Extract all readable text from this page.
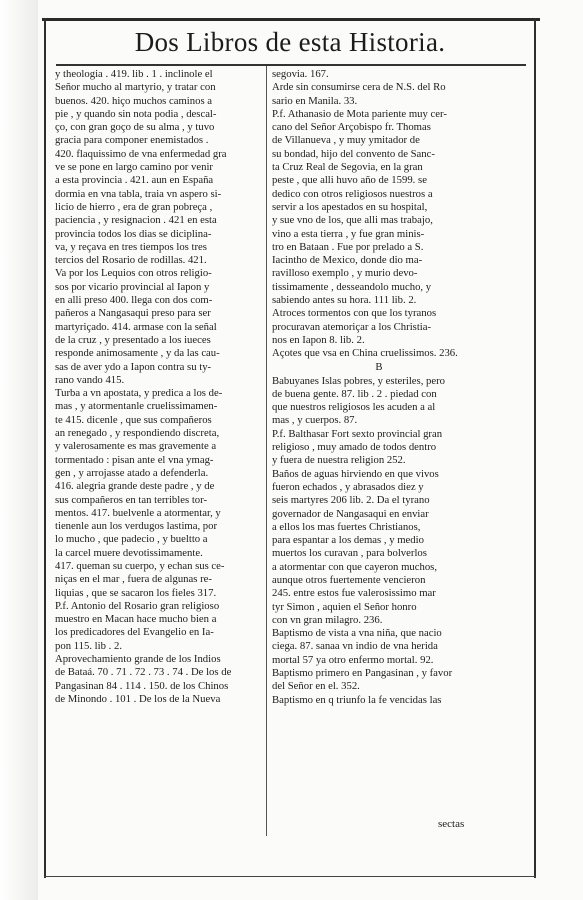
Dos Libros de esta Historia.
y theologia . 419. lib . 1 . inclinole el
Señor mucho al martyrio, y tratar con
buenos. 420. hiço muchos caminos a
pie , y quando sin nota podia , descal-
ço, con gran goço de su alma , y tuvo
gracia para componer enemistados .
420. flaquissimo de vna enfermedad gra
ve se pone en largo camino por venir
a esta provincia . 421. aun en España
dormia en vna tabla, traia vn aspero si-
licio de hierro , era de gran pobreça ,
paciencia , y resignacion . 421 en esta
provincia todos los dias se diciplina-
va, y reçava en tres tiempos los tres
tercios del Rosario de rodillas. 421.
Va por los Lequios con otros religio-
sos por vicario provincial al Iapon y
en alli preso 400. llega con dos com-
pañeros a Nangasaqui preso para ser
martyriçado. 414. armase con la señal
de la cruz , y presentado a los iueces
responde animosamente , y da las cau-
sas de aver ydo a Iapon contra su ty-
rano vando 415.
Turba a vn apostata, y predica a los de-
mas , y atormentanle cruelissimamen-
te 415. dicenle , que sus compañeros
an renegado , y respondiendo discreta,
y valerosamente es mas gravemente a
tormentado : pisan ante el vna ymag-
gen , y arrojasse atado a defenderla.
416. alegria grande deste padre , y de
sus compañeros en tan terribles tor-
mentos. 417. buelvenle a atormentar, y
tienenle aun los verdugos lastima, por
lo mucho , que padecio , y bueltto a
la carcel muere devotissimamente.
417. queman su cuerpo, y echan sus ce-
niças en el mar , fuera de algunas re-
liquias , que se sacaron los fieles 317.
P.f. Antonio del Rosario gran religioso
muestro en Macan hace mucho bien a
los predicadores del Evangelio en Ia-
pon 115. lib . 2.
Aprovechamiento grande de los Indios
de Bataá. 70 . 71 . 72 . 73 . 74 . De los de
Pangasinan 84 . 114 . 150. de los Chinos
de Minondo . 101 . De los de la Nueva
segovia. 167.
Arde sin consumirse cera de N.S. del Ro
sario en Manila. 33.
P.f. Athanasio de Mota pariente muy cer-
cano del Señor Arçobispo fr. Thomas
de Villanueva , y muy ymitador de
su bondad, hijo del convento de Sanc-
ta Cruz Real de Segovia, en la gran
peste , que alli huvo año de 1599. se
dedico con otros religiosos nuestros a
servir a los apestados en su hospital,
y sue vno de los, que alli mas trabajo,
vino a esta tierra , y fue gran minis-
tro en Bataan . Fue por prelado a S.
Iacintho de Mexico, donde dio ma-
ravilloso exemplo , y murio devo-
tissimamente , desseandolo mucho, y
sabiendo antes su hora. 111 lib. 2.
Atroces tormentos con que los tyranos
procuravan atemoriçar a los Christia-
nos en Iapon 8. lib. 2.
Açotes que vsa en China cruelissimos. 236.
B
Babuyanes Islas pobres, y esteriles, pero
de buena gente. 87. lib . 2 . piedad con
que nuestros religiosos les acuden a al
mas , y cuerpos. 87.
P.f. Balthasar Fort sexto provincial gran
religioso , muy amado de todos dentro
y fuera de nuestra religion 252.
Baños de aguas hirviendo en que vivos
fueron echados , y abrasados diez y
seis martyres 206 lib. 2. Da el tyrano
governador de Nangasaqui en enviar
a ellos los mas fuertes Christianos,
para espantar a los demas , y medio
muertos los curavan , para bolverlos
a atormentar con que cayeron muchos,
aunque otros fuertemente vencieron
245. entre estos fue valerosissimo mar
tyr Simon , aquien el Señor honro
con vn gran milagro. 236.
Baptismo de vista a vna niña, que nacio
ciega. 87. sanaa vn indio de vna herida
mortal 57 ya otro enfermo mortal. 92.
Baptismo primero en Pangasinan , y favor
del Señor en el. 352.
Baptismo en q triunfo la fe vencidas las
sectas
